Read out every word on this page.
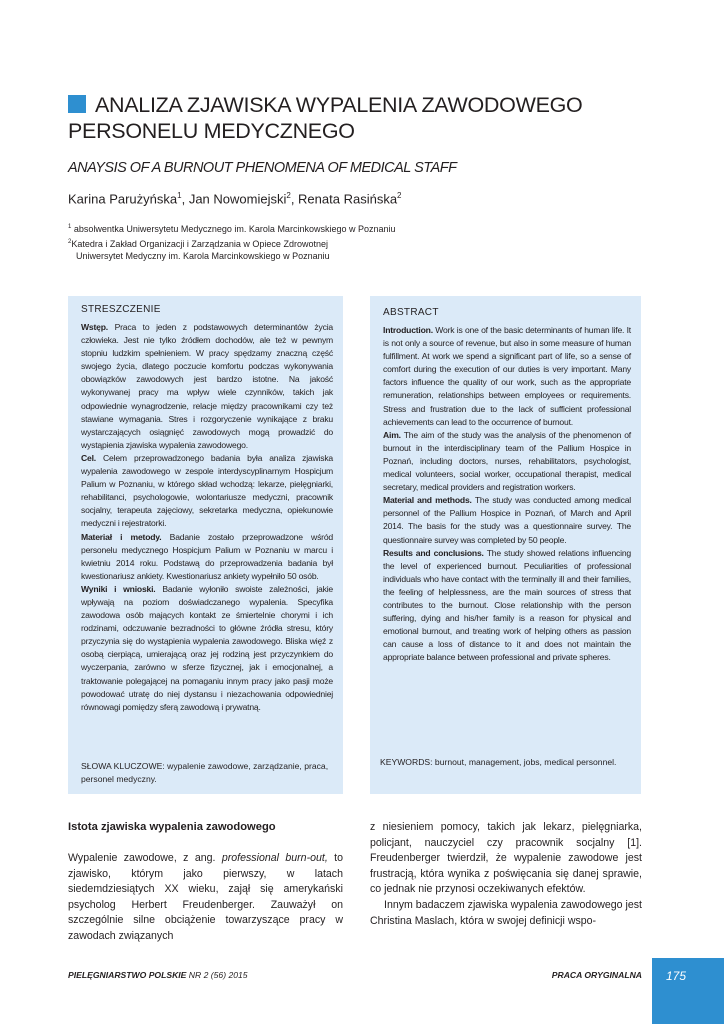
ANALIZA ZJAWISKA WYPALENIA ZAWODOWEGO
PERSONELU MEDYCZNEGO
ANAYSIS OF A BURNOUT PHENOMENA OF MEDICAL STAFF
Karina Parużyńska$^1$, Jan Nowomiejski$^2$, Renata Rasińska$^2$
$^1$ absolwentka Uniwersytetu Medycznego im. Karola Marcinkowskiego w Poznaniu
$^2$Katedra i Zakład Organizacji i Zarządzania w Opiece Zdrowotnej
Uniwersytet Medyczny im. Karola Marcinkowskiego w Poznaniu
STRESZCZENIE

Wstęp. Praca to jeden z podstawowych determinantów życia człowieka. Jest nie tylko źródłem dochodów, ale też w pewnym stopniu ludzkim spełnieniem. W pracy spędzamy znaczną część swojego życia, dlatego poczucie komfortu podczas wykonywania obowiązków zawodowych jest bardzo istotne. Na jakość wykonywanej pracy ma wpływ wiele czynników, takich jak odpowiednie wynagrodzenie, relacje między pracownikami czy też stawiane wymagania. Stres i rozgoryczenie wynikające z braku wystarczających osiągnięć zawodowych mogą prowadzić do wystąpienia zjawiska wypalenia zawodowego.

Cel. Celem przeprowadzonego badania była analiza zjawiska wypalenia zawodowego w zespole interdyscyplinarnym Hospicjum Palium w Poznaniu, w którego skład wchodzą: lekarze, pielęgniarki, rehabilitanci, psychologowie, wolontariusze medyczni, pracownik socjalny, terapeuta zajęciowy, sekretarka medyczna, opiekunowie medyczni i rejestratorki.

Materiał i metody. Badanie zostało przeprowadzone wśród personelu medycznego Hospicjum Palium w Poznaniu w marcu i kwietniu 2014 roku. Podstawą do przeprowadzenia badania był kwestionariusz ankiety. Kwestionariusz ankiety wypełniło 50 osób.

Wyniki i wnioski. Badanie wyłoniło swoiste zależności, jakie wpływają na poziom doświadczanego wypalenia. Specyfika zawodowa osób mających kontakt ze śmiertelnie chorymi i ich rodzinami, odczuwanie bezradności to główne źródła stresu, który przyczynia się do wystąpienia wypalenia zawodowego. Bliska więź z osobą cierpiącą, umierającą oraz jej rodziną jest przyczynkiem do wyczerpania, zarówno w sferze fizycznej, jak i emocjonalnej, a traktowanie polegającej na pomaganiu innym pracy jako pasji może powodować utratę do niej dystansu i niezachowania odpowiedniej równowagi pomiędzy sferą zawodową i prywatną.

SŁOWA KLUCZOWE: wypalenie zawodowe, zarządzanie, praca, personel medyczny.
ABSTRACT

Introduction. Work is one of the basic determinants of human life. It is not only a source of revenue, but also in some measure of human fulfillment. At work we spend a significant part of life, so a sense of comfort during the execution of our duties is very important. Many factors influence the quality of our work, such as the appropriate remuneration, relationships between employees or requirements. Stress and frustration due to the lack of sufficient professional achievements can lead to the occurrence of burnout.

Aim. The aim of the study was the analysis of the phenomenon of burnout in the interdisciplinary team of the Pallium Hospice in Poznań, including doctors, nurses, rehabilitators, psychologist, medical volunteers, social worker, occupational therapist, medical secretary, medical providers and registration workers.

Material and methods. The study was conducted among medical personnel of the Pallium Hospice in Poznań, of March and April 2014. The basis for the study was a questionnaire survey. The questionnaire survey was completed by 50 people.

Results and conclusions. The study showed relations influencing the level of experienced burnout. Peculiarities of professional individuals who have contact with the terminally ill and their families, the feeling of helplessness, are the main sources of stress that contributes to the burnout. Close relationship with the person suffering, dying and his/her family is a reason for physical and emotional burnout, and treating work of helping others as passion can cause a loss of distance to it and does not maintain the appropriate balance between professional and private spheres.

KEYWORDS: burnout, management, jobs, medical personnel.
Istota zjawiska wypalenia zawodowego

Wypalenie zawodowe, z ang. professional burn-out, to zjawisko, którym jako pierwszy, w latach siedemdziesiątych XX wieku, zajął się amerykański psycholog Herbert Freudenberger. Zauważył on szczególnie silne obciążenie towarzyszące pracy w zawodach związanych

z niesieniem pomocy, takich jak lekarz, pielęgniarka, policjant, nauczyciel czy pracownik socjalny [1]. Freudenberger twierdził, że wypalenie zawodowe jest frustracją, która wynika z poświęcania się danej sprawie, co jednak nie przynosi oczekiwanych efektów.

Innym badaczem zjawiska wypalenia zawodowego jest Christina Maslach, która w swojej definicji wspo-

PIELĘGNIARSTWO POLSKIE NR 2 (56) 2015	PRACA ORYGINALNA 175
